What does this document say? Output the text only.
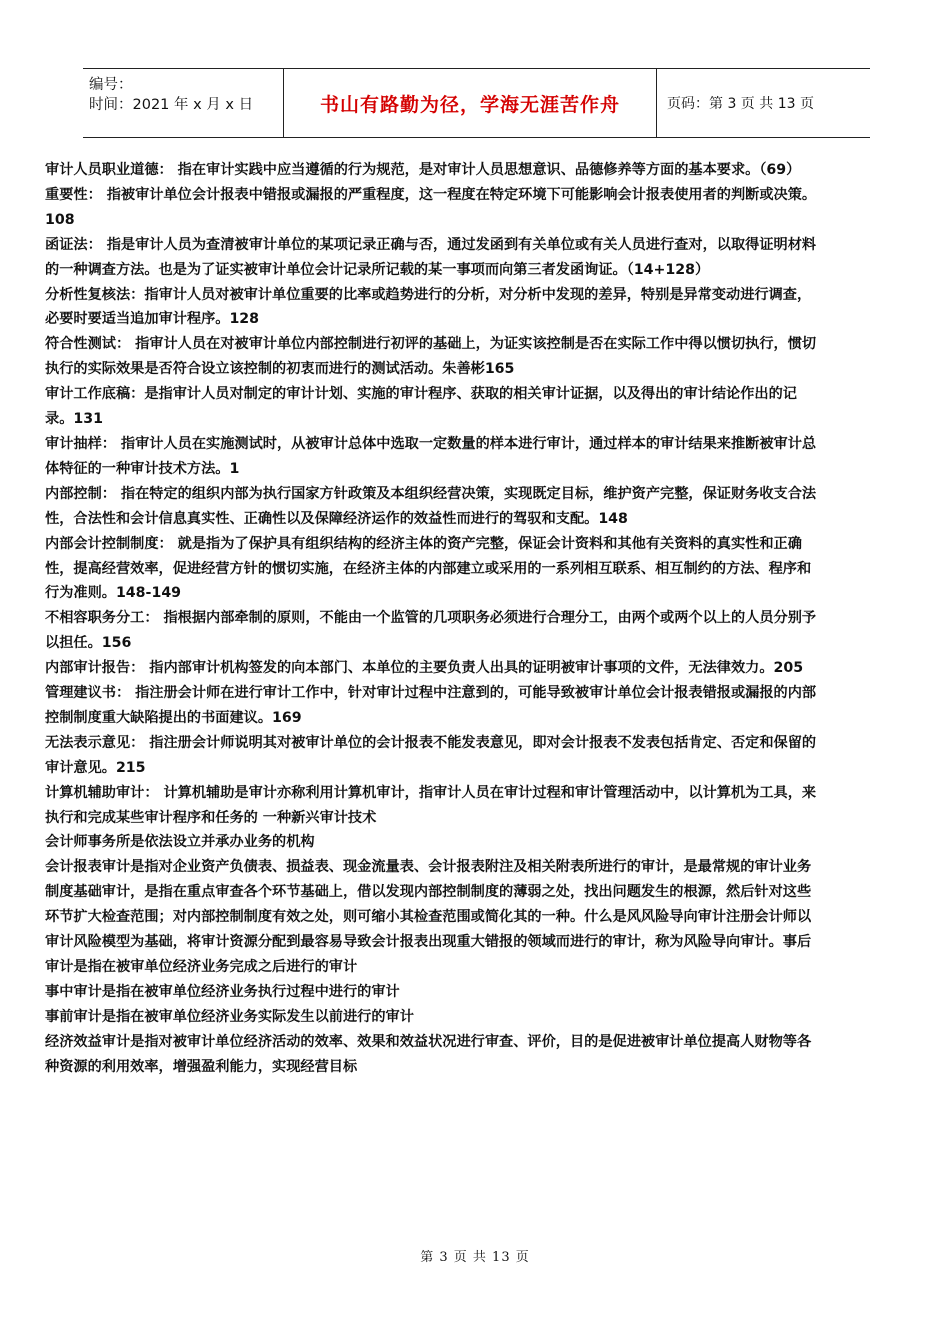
编号：
时间：2021 年 x 月 x 日	书山有路勤为径，学海无涯苦作舟	页码：第 3 页 共 13 页

审计人员职业道德： 指在审计实践中应当遵循的行为规范，是对审计人员思想意识、品德修养等方面的基本要求。（69）

重要性： 指被审计单位会计报表中错报或漏报的严重程度，这一程度在特定环境下可能影响会计报表使用者的判断或决策。108

函证法： 指是审计人员为查清被审计单位的某项记录正确与否，通过发函到有关单位或有关人员进行查对，以取得证明材料的一种调查方法。也是为了证实被审计单位会计记录所记载的某一事项而向第三者发函询证。（14+128）

分析性复核法：指审计人员对被审计单位重要的比率或趋势进行的分析，对分析中发现的差异，特别是异常变动进行调查，必要时要适当追加审计程序。128

符合性测试： 指审计人员在对被审计单位内部控制进行初评的基础上，为证实该控制是否在实际工作中得以惯切执行，惯切执行的实际效果是否符合设立该控制的初衷而进行的测试活动。朱善彬165

审计工作底稿：是指审计人员对制定的审计计划、实施的审计程序、获取的相关审计证据，以及得出的审计结论作出的记录。131

审计抽样： 指审计人员在实施测试时，从被审计总体中选取一定数量的样本进行审计，通过样本的审计结果来推断被审计总体特征的一种审计技术方法。1

内部控制： 指在特定的组织内部为执行国家方针政策及本组织经营决策，实现既定目标，维护资产完整，保证财务收支合法性，合法性和会计信息真实性、正确性以及保障经济运作的效益性而进行的驾驭和支配。148

内部会计控制制度： 就是指为了保护具有组织结构的经济主体的资产完整，保证会计资料和其他有关资料的真实性和正确性，提高经营效率，促进经营方针的惯切实施，在经济主体的内部建立或采用的一系列相互联系、相互制约的方法、程序和行为准则。148-149

不相容职务分工： 指根据内部牵制的原则，不能由一个监管的几项职务必须进行合理分工，由两个或两个以上的人员分别予以担任。156

内部审计报告： 指内部审计机构签发的向本部门、本单位的主要负责人出具的证明被审计事项的文件，无法律效力。205

管理建议书： 指注册会计师在进行审计工作中，针对审计过程中注意到的，可能导致被审计单位会计报表错报或漏报的内部控制制度重大缺陷提出的书面建议。169

无法表示意见： 指注册会计师说明其对被审计单位的会计报表不能发表意见，即对会计报表不发表包括肯定、否定和保留的审计意见。215

计算机辅助审计： 计算机辅助是审计亦称利用计算机审计，指审计人员在审计过程和审计管理活动中，以计算机为工具，来执行和完成某些审计程序和任务的 一种新兴审计技术

会计师事务所是依法设立并承办业务的机构

会计报表审计是指对企业资产负债表、损益表、现金流量表、会计报表附注及相关附表所进行的审计，是最常规的审计业务

制度基础审计，是指在重点审查各个环节基础上，借以发现内部控制制度的薄弱之处，找出问题发生的根源，然后针对这些环节扩大检查范围；对内部控制制度有效之处，则可缩小其检查范围或简化其的一种。什么是风风险导向审计注册会计师以审计风险模型为基础，将审计资源分配到最容易导致会计报表出现重大错报的领域而进行的审计，称为风险导向审计。事后审计是指在被审单位经济业务完成之后进行的审计

事中审计是指在被审单位经济业务执行过程中进行的审计

事前审计是指在被审单位经济业务实际发生以前进行的审计

经济效益审计是指对被审计单位经济活动的效率、效果和效益状况进行审查、评价，目的是促进被审计单位提高人财物等各种资源的利用效率，增强盈利能力，实现经营目标

第 3 页 共 13 页
